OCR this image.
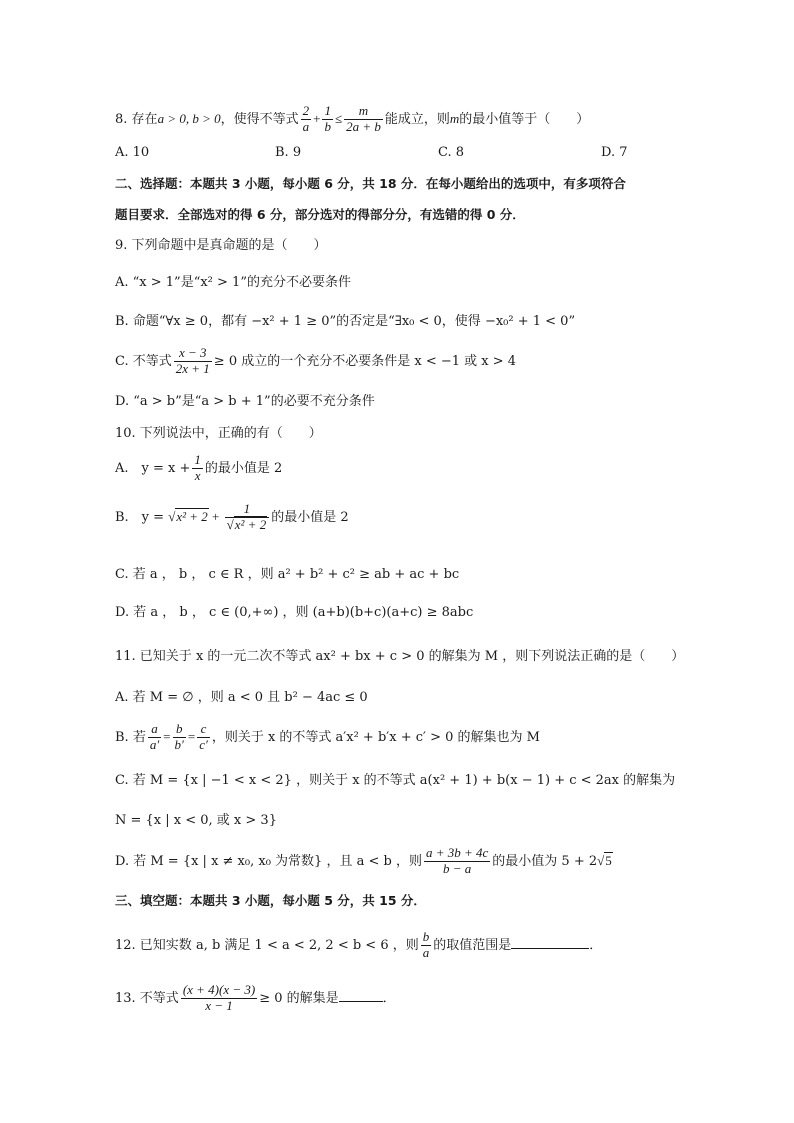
8. 存在a > 0, b > 0，使得不等式 $\frac{2}{a} + \frac{1}{b} \le \frac{m}{2a + b}$ 能成立，则m的最小值等于（　　）
A. 10	B. 9	C. 8	D. 7
二、选择题：本题共 3 小题，每小题 6 分，共 18 分．在每小题给出的选项中，有多项符合
题目要求．全部选对的得 6 分，部分选对的得部分分，有选错的得 0 分．
9. 下列命题中是真命题的是（　　）
A. “x > 1”是“x² > 1”的充分不必要条件
B. 命题“∀x ≥ 0，都有 −x² + 1 ≥ 0”的否定是“∃x₀ < 0，使得 −x₀² + 1 < 0”
C. 不等式 $\frac{x - 3}{2x + 1} \ge 0$ 成立的一个充分不必要条件是 x < −1 或 x > 4
D. “a > b”是“a > b + 1”的必要不充分条件
10. 下列说法中，正确的有（　　）
A.　$y = x + \frac{1}{x}$ 的最小值是 2
B.　$y = √x^2 + 2 + \frac{1}{\text{√x² + 2}}$ 的最小值是 2
C. 若 a ， b ， c ∈ R ，则 a² + b² + c² ≥ ab + ac + bc
D. 若 a ， b ， c ∈ (0,+∞) ，则 (a+b)(b+c)(a+c) ≥ 8abc
11. 已知关于 x 的一元二次不等式 ax² + bx + c > 0 的解集为 M ，则下列说法正确的是（　　）
A. 若 M = ∅ ，则 a < 0 且 b² − 4ac ≤ 0
B. 若 $\frac{a}{a'} = \frac{b}{b'} = \frac{c}{c'}$ ，则关于 x 的不等式 a′x² + b′x + c′ > 0 的解集也为 M
C. 若 M = {x | −1 < x < 2} ，则关于 x 的不等式 a(x² + 1) + b(x − 1) + c < 2ax 的解集为
N = {x | x < 0, 或 x > 3}
D. 若 M = {x | x ≠ x₀, x₀ 为常数} ，且 a < b ，则 $\frac{a + 3b + 4c}{b - a}$ 的最小值为 5 + 2√5
三、填空题：本题共 3 小题，每小题 5 分，共 15 分．
12. 已知实数 a, b 满足 1 < a < 2, 2 < b < 6 ，则 $\frac{b}{a}$ 的取值范围是	．
13. 不等式 $\frac{(x + 4)(x - 3)}{x - 1} \ge 0$ 的解集是	．
